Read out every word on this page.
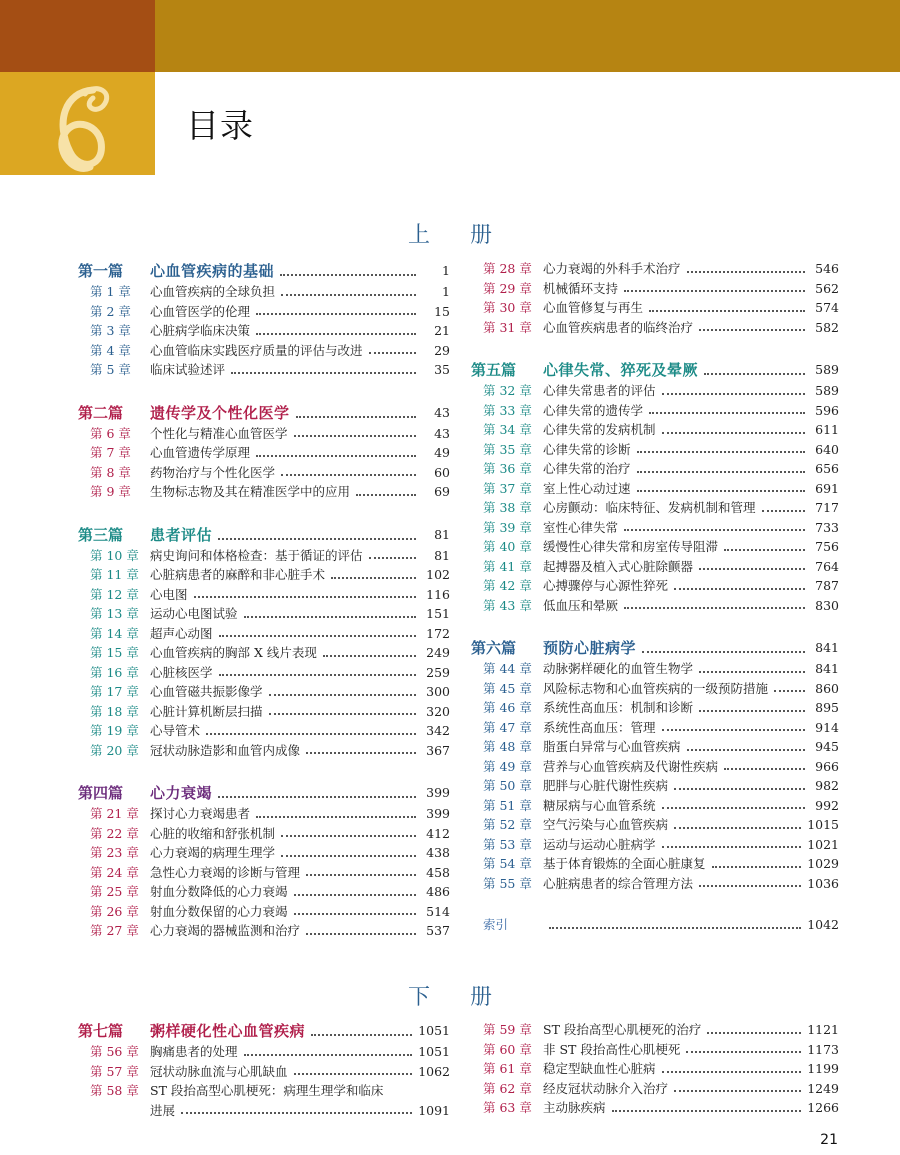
目录
上册
下册
第一篇	心血管疾病的基础	1
第 1 章	心血管疾病的全球负担	1
第 2 章	心血管医学的伦理	15
第 3 章	心脏病学临床决策	21
第 4 章	心血管临床实践医疗质量的评估与改进	29
第 5 章	临床试验述评	35
第二篇	遗传学及个性化医学	43
第 6 章	个性化与精准心血管医学	43
第 7 章	心血管遗传学原理	49
第 8 章	药物治疗与个性化医学	60
第 9 章	生物标志物及其在精准医学中的应用	69
第三篇	患者评估	81
第 10 章 病史询问和体格检查：基于循证的评估	81
第 11 章 心脏病患者的麻醉和非心脏手术	102
第 12 章 心电图	116
第 13 章 运动心电图试验	151
第 14 章 超声心动图	172
第 15 章 心血管疾病的胸部 X 线片表现	249
第 16 章 心脏核医学	259
第 17 章 心血管磁共振影像学	300
第 18 章 心脏计算机断层扫描	320
第 19 章 心导管术	342
第 20 章 冠状动脉造影和血管内成像	367
第四篇	心力衰竭	399
第 21 章 探讨心力衰竭患者	399
第 22 章 心脏的收缩和舒张机制	412
第 23 章 心力衰竭的病理生理学	438
第 24 章 急性心力衰竭的诊断与管理	458
第 25 章 射血分数降低的心力衰竭	486
第 26 章 射血分数保留的心力衰竭	514
第 27 章 心力衰竭的器械监测和治疗	537
第 28 章 心力衰竭的外科手术治疗	546
第 29 章 机械循环支持	562
第 30 章 心血管修复与再生	574
第 31 章 心血管疾病患者的临终治疗	582
第五篇	心律失常、猝死及晕厥	589
第 32 章 心律失常患者的评估	589
第 33 章 心律失常的遗传学	596
第 34 章 心律失常的发病机制	611
第 35 章 心律失常的诊断	640
第 36 章 心律失常的治疗	656
第 37 章 室上性心动过速	691
第 38 章 心房颤动：临床特征、发病机制和管理	717
第 39 章 室性心律失常	733
第 40 章 缓慢性心律失常和房室传导阻滞	756
第 41 章 起搏器及植入式心脏除颤器	764
第 42 章 心搏骤停与心源性猝死	787
第 43 章 低血压和晕厥	830
第六篇	预防心脏病学	841
第 44 章 动脉粥样硬化的血管生物学	841
第 45 章 风险标志物和心血管疾病的一级预防措施	860
第 46 章 系统性高血压：机制和诊断	895
第 47 章 系统性高血压：管理	914
第 48 章 脂蛋白异常与心血管疾病	945
第 49 章 营养与心血管疾病及代谢性疾病	966
第 50 章 肥胖与心脏代谢性疾病	982
第 51 章 糖尿病与心血管系统	992
第 52 章 空气污染与心血管疾病	1015
第 53 章 运动与运动心脏病学	1021
第 54 章 基于体育锻炼的全面心脏康复	1029
第 55 章 心脏病患者的综合管理方法	1036
索引	1042
第七篇	粥样硬化性心血管疾病	1051
第 56 章 胸痛患者的处理	1051
第 57 章 冠状动脉血流与心肌缺血	1062
第 58 章 ST 段抬高型心肌梗死：病理生理学和临床
进展	1091
第 59 章 ST 段抬高型心肌梗死的治疗	1121
第 60 章 非 ST 段抬高性心肌梗死	1173
第 61 章 稳定型缺血性心脏病	1199
第 62 章 经皮冠状动脉介入治疗	1249
第 63 章 主动脉疾病	1266
21
